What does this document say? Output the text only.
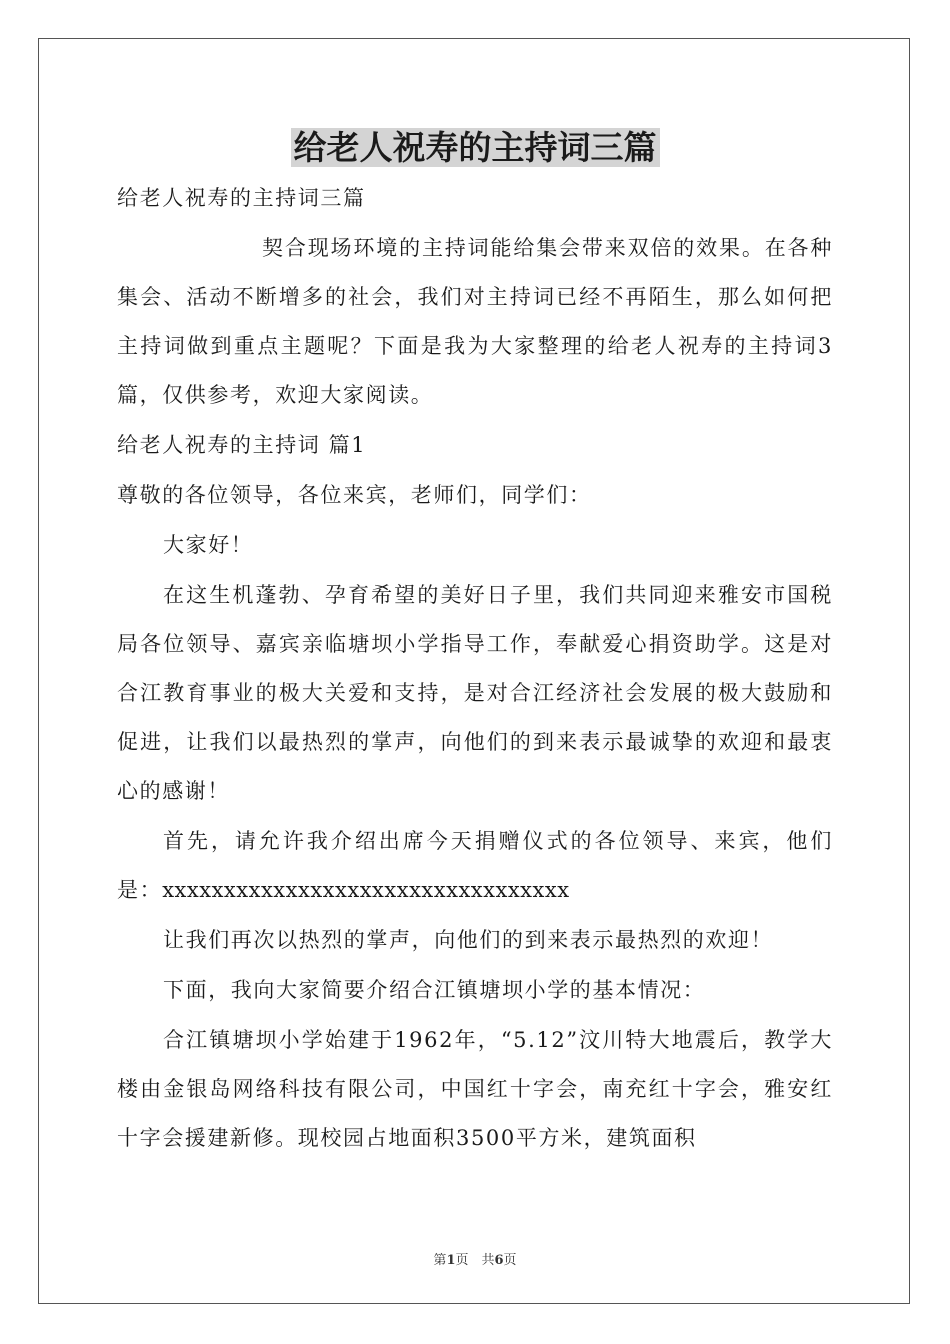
给老人祝寿的主持词三篇

给老人祝寿的主持词三篇

契合现场环境的主持词能给集会带来双倍的效果。在各种集会、活动不断增多的社会，我们对主持词已经不再陌生，那么如何把主持词做到重点主题呢？下面是我为大家整理的给老人祝寿的主持词3篇，仅供参考，欢迎大家阅读。

给老人祝寿的主持词 篇1

尊敬的各位领导，各位来宾，老师们，同学们：

大家好！

在这生机蓬勃、孕育希望的美好日子里，我们共同迎来雅安市国税局各位领导、嘉宾亲临塘坝小学指导工作，奉献爱心捐资助学。这是对合江教育事业的极大关爱和支持，是对合江经济社会发展的极大鼓励和促进，让我们以最热烈的掌声，向他们的到来表示最诚挚的欢迎和最衷心的感谢！

首先，请允许我介绍出席今天捐赠仪式的各位领导、来宾，他们是：xxxxxxxxxxxxxxxxxxxxxxxxxxxxxxxxx

让我们再次以热烈的掌声，向他们的到来表示最热烈的欢迎！

下面，我向大家简要介绍合江镇塘坝小学的基本情况：

合江镇塘坝小学始建于1962年，“5.12”汶川特大地震后，教学大楼由金银岛网络科技有限公司，中国红十字会，南充红十字会，雅安红十字会援建新修。现校园占地面积3500平方米，建筑面积

第1页　共6页
